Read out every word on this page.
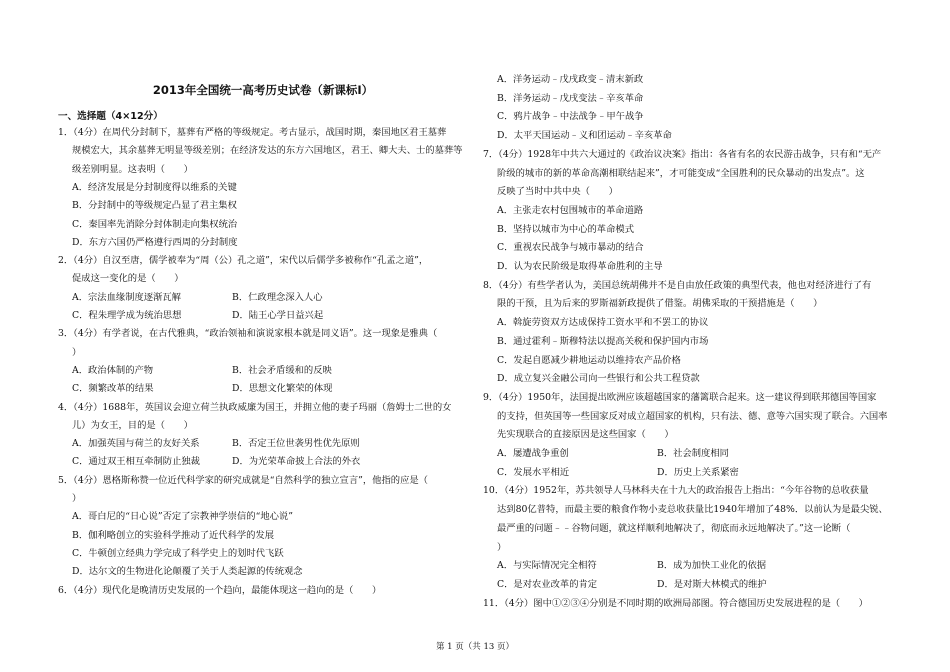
2013年全国统一高考历史试卷（新课标Ⅰ）
一、选择题（4×12分）
1．（4分）在周代分封制下，墓葬有严格的等级规定。考古显示，战国时期，秦国地区君王墓葬
规模宏大，其余墓葬无明显等级差别；在经济发达的东方六国地区，君王、卿大夫、士的墓葬等
级差别明显。这表明（　　）
A．经济发展是分封制度得以维系的关键
B．分封制中的等级规定凸显了君主集权
C．秦国率先消除分封体制走向集权统治
D．东方六国仍严格遵行西周的分封制度
2．（4分）自汉至唐，儒学被奉为“周（公）孔之道”，宋代以后儒学多被称作“孔孟之道”，
促成这一变化的是（　　）
A．宗法血缘制度逐渐瓦解	B．仁政理念深入人心
C．程朱理学成为统治思想	D．陆王心学日益兴起
3．（4分）有学者说，在古代雅典，“政治领袖和演说家根本就是同义语”。这一现象是雅典（
）
A．政治体制的产物	B．社会矛盾缓和的反映
C．频繁改革的结果	D．思想文化繁荣的体现
4．（4分）1688年，英国议会迎立荷兰执政威廉为国王，并拥立他的妻子玛丽（詹姆士二世的女
儿）为女王，目的是（　　）
A．加强英国与荷兰的友好关系	B．否定王位世袭男性优先原则
C．通过双王相互牵制防止独裁	D．为光荣革命披上合法的外衣
5．（4分）恩格斯称赞一位近代科学家的研究成就是“自然科学的独立宣言”，他指的应是（
）
A．哥白尼的“日心说”否定了宗教神学崇信的“地心说”
B．伽利略创立的实验科学推动了近代科学的发展
C．牛顿创立经典力学完成了科学史上的划时代飞跃
D．达尔文的生物进化论颠覆了关于人类起源的传统观念
6．（4分）现代化是晚清历史发展的一个趋向，最能体现这一趋向的是（　　）
A．洋务运动﹣戊戌政变﹣清末新政
B．洋务运动﹣戊戌变法﹣辛亥革命
C．鸦片战争﹣中法战争﹣甲午战争
D．太平天国运动﹣义和团运动﹣辛亥革命
7．（4分）1928年中共六大通过的《政治议决案》指出：各省有名的农民游击战争，只有和“无产
阶级的城市的新的革命高潮相联结起来”，才可能变成“全国胜利的民众暴动的出发点”。这
反映了当时中共中央（　　）
A．主张走农村包围城市的革命道路
B．坚持以城市为中心的革命模式
C．重视农民战争与城市暴动的结合
D．认为农民阶级是取得革命胜利的主导
8．（4分）有些学者认为，美国总统胡佛并不是自由放任政策的典型代表，他也对经济进行了有
限的干预，且为后来的罗斯福新政提供了借鉴。胡佛采取的干预措施是（　　）
A．斡旋劳资双方达成保持工资水平和不罢工的协议
B．通过霍利﹣斯穆特法以提高关税和保护国内市场
C．发起自愿减少耕地运动以维持农产品价格
D．成立复兴金融公司向一些银行和公共工程贷款
9．（4分）1950年，法国提出欧洲应该超越国家的藩篱联合起来。这一建议得到联邦德国等国家
的支持，但英国等一些国家反对成立超国家的机构，只有法、德、意等六国实现了联合。六国率
先实现联合的直接原因是这些国家（　　）
A．屡遭战争重创	B．社会制度相同
C．发展水平相近	D．历史上关系紧密
10．（4分）1952年，苏共领导人马林科夫在十九大的政治报告上指出：“今年谷物的总收获量
达到80亿普特，而最主要的粮食作物小麦总收获量比1940年增加了48%．以前认为是最尖锐、
最严重的问题﹣﹣谷物问题，就这样顺利地解决了，彻底而永远地解决了。”这一论断（
）
A．与实际情况完全相符	B．成为加快工业化的依据
C．是对农业改革的肯定	D．是对斯大林模式的维护
11．（4分）图中①②③④分别是不同时期的欧洲局部图。符合德国历史发展进程的是（　　）
第 1 页（共 13 页）
